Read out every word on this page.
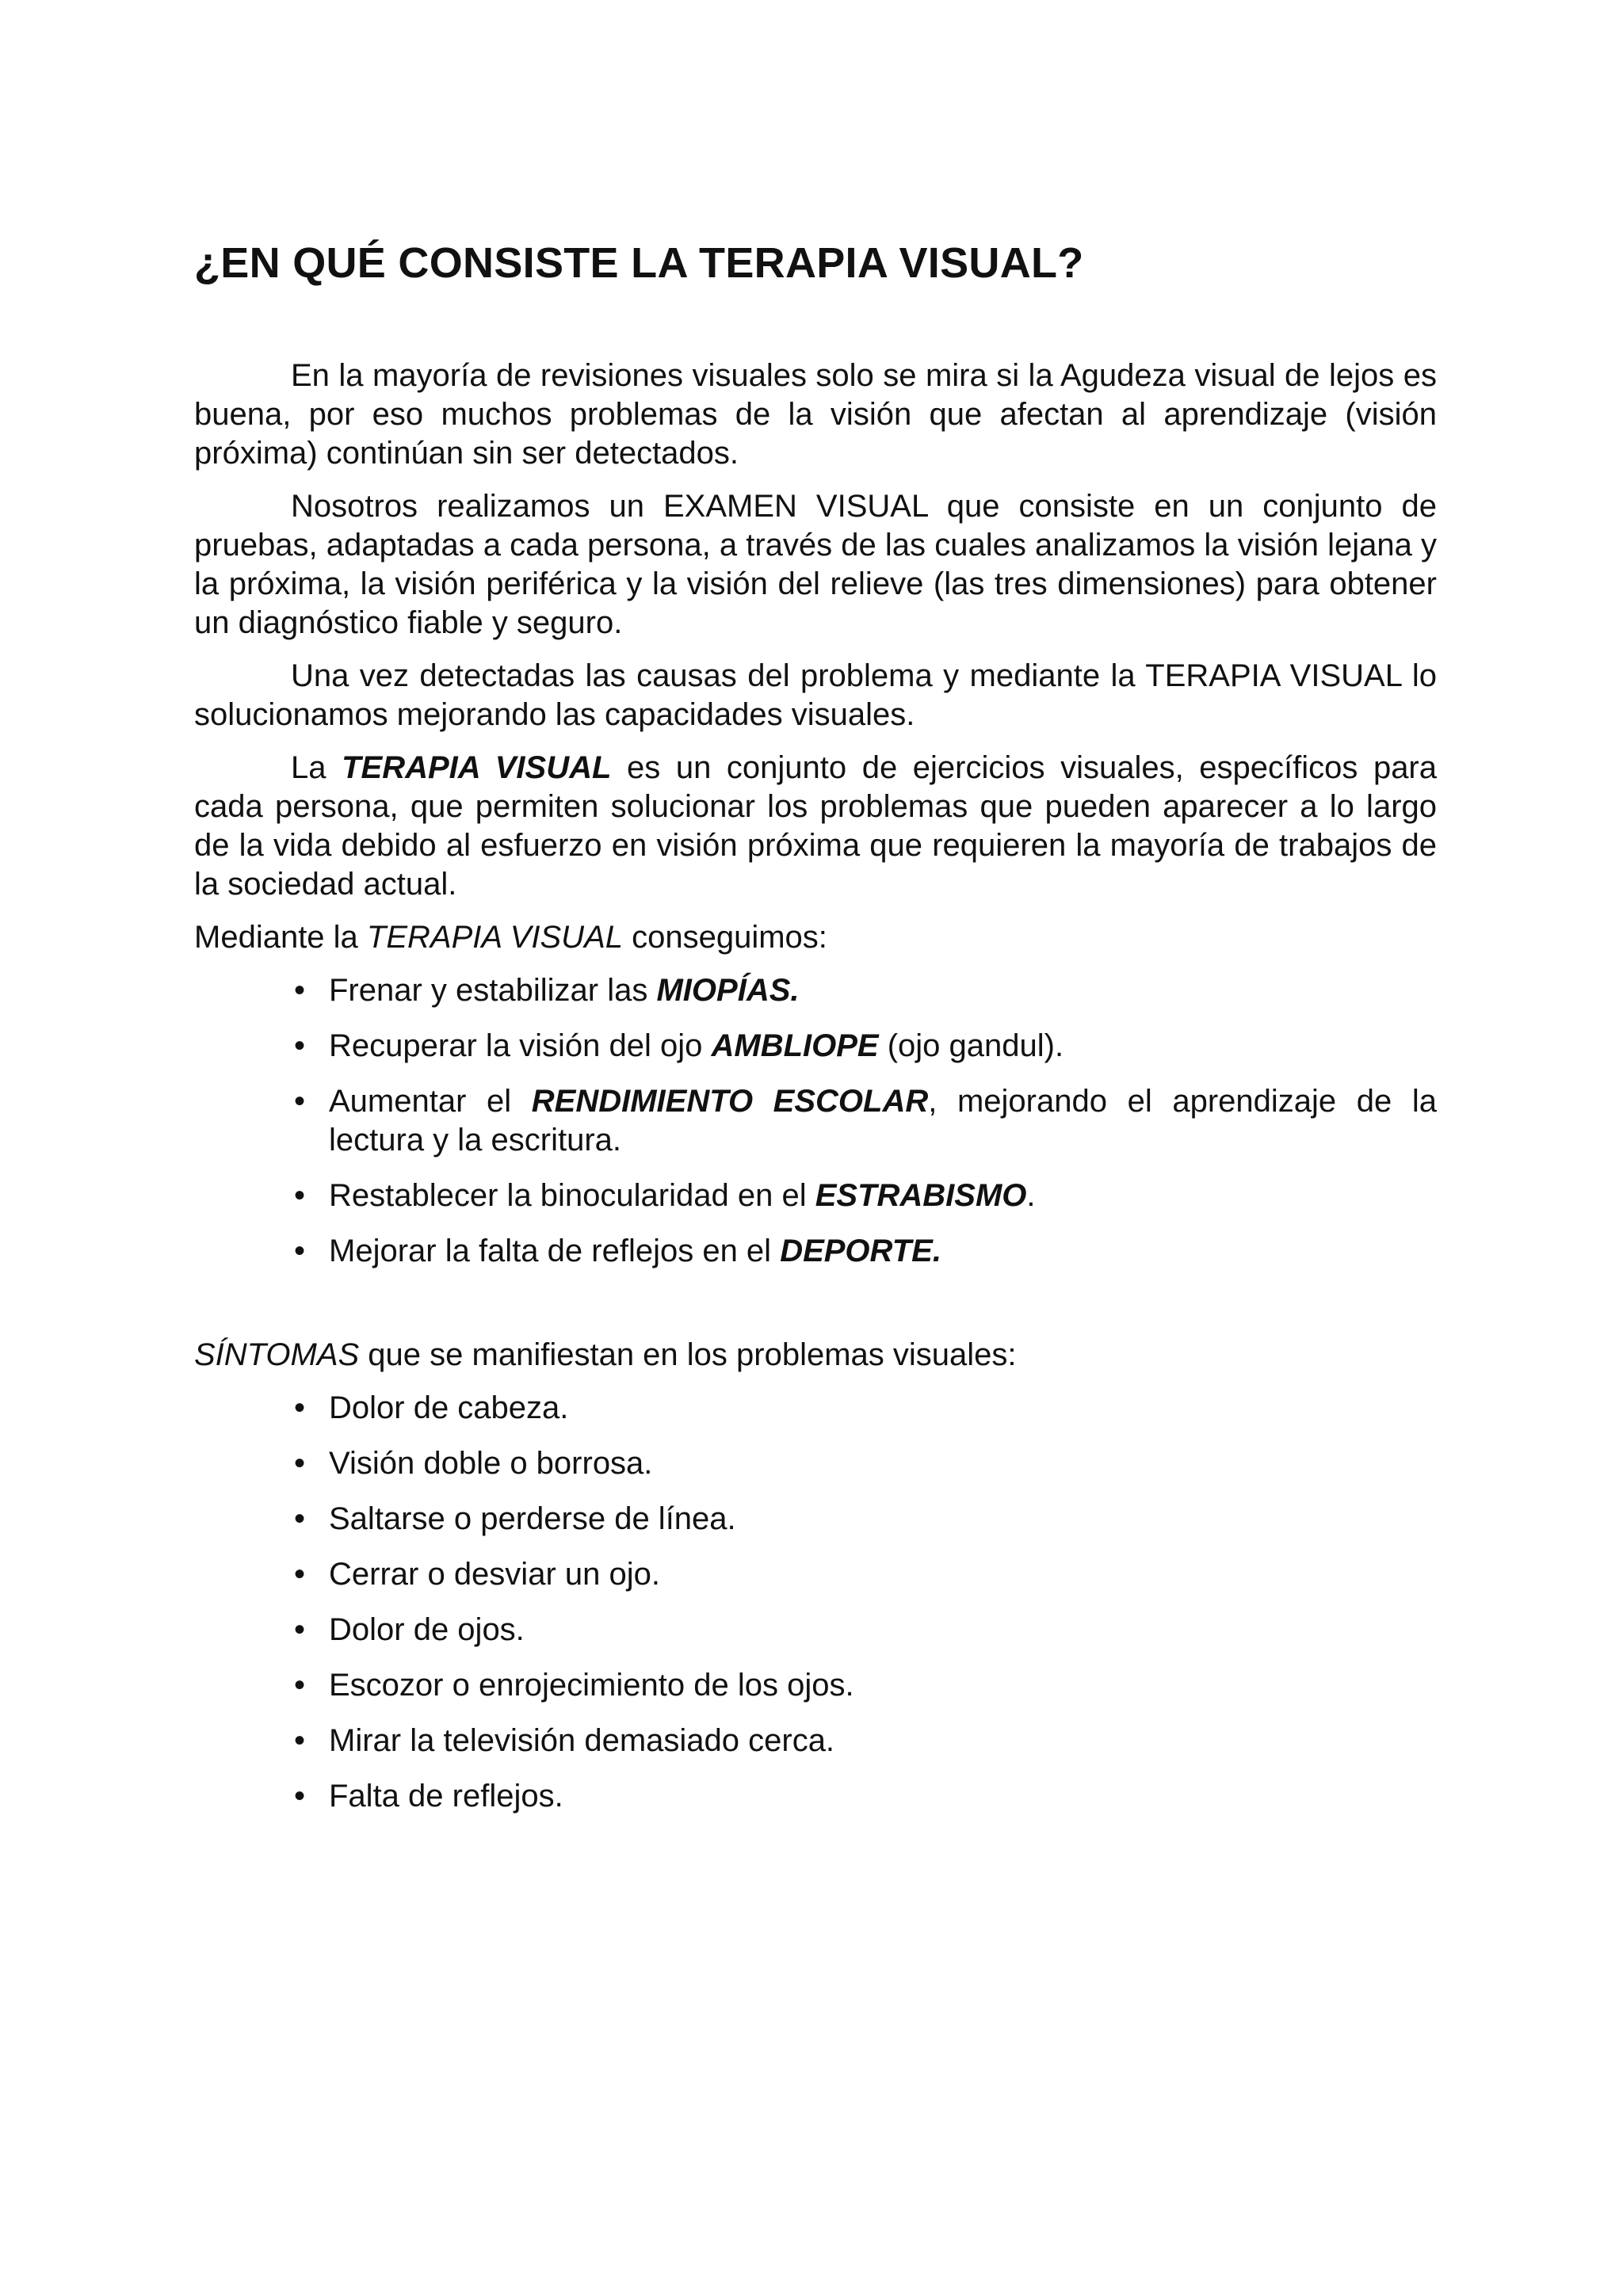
¿EN QUÉ CONSISTE LA TERAPIA VISUAL?

En la mayoría de revisiones visuales solo se mira si la Agudeza visual de lejos es buena, por eso muchos problemas de la visión que afectan al aprendizaje (visión próxima) continúan sin ser detectados.

Nosotros realizamos un EXAMEN VISUAL que consiste en un conjunto de pruebas, adaptadas a cada persona, a través de las cuales analizamos la visión lejana y la próxima, la visión periférica y la visión del relieve (las tres dimensiones) para obtener un diagnóstico fiable y seguro.

Una vez detectadas las causas del problema y mediante la TERAPIA VISUAL lo solucionamos mejorando las capacidades visuales.

La TERAPIA VISUAL es un conjunto de ejercicios visuales, específicos para cada persona, que permiten solucionar los problemas que pueden aparecer a lo largo de la vida debido al esfuerzo en visión próxima que requieren la mayoría de trabajos de la sociedad actual.

Mediante la TERAPIA VISUAL conseguimos:

• Frenar y estabilizar las MIOPÍAS.
• Recuperar la visión del ojo AMBLIOPE (ojo gandul).
• Aumentar el RENDIMIENTO ESCOLAR, mejorando el aprendizaje de la lectura y la escritura.
• Restablecer la binocularidad en el ESTRABISMO.
• Mejorar la falta de reflejos en el DEPORTE.

SÍNTOMAS que se manifiestan en los problemas visuales:

• Dolor de cabeza.
• Visión doble o borrosa.
• Saltarse o perderse de línea.
• Cerrar o desviar un ojo.
• Dolor de ojos.
• Escozor o enrojecimiento de los ojos.
• Mirar la televisión demasiado cerca.
• Falta de reflejos.
